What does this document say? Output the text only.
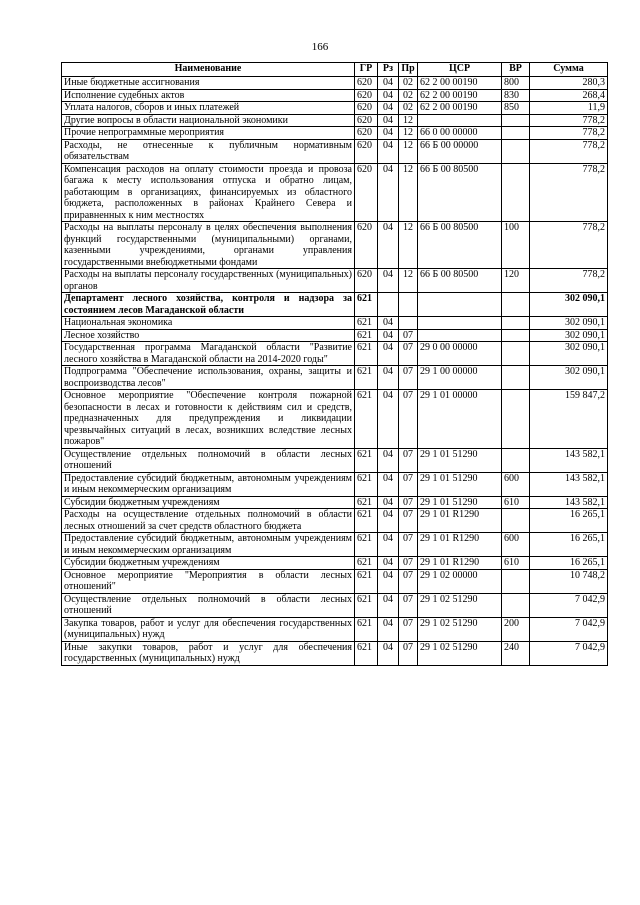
166
Наименование	ГР	Рз	Пр	ЦСР	ВР	Сумма
Иные бюджетные ассигнования	620	04	02	62 2 00 00190	800	280,3
Исполнение судебных актов	620	04	02	62 2 00 00190	830	268,4
Уплата налогов, сборов и иных платежей	620	04	02	62 2 00 00190	850	11,9
Другие вопросы в области национальной экономики	620	04	12			778,2
Прочие непрограммные мероприятия	620	04	12	66 0 00 00000		778,2
Расходы, не отнесенные к публичным нормативным обязательствам	620	04	12	66 Б 00 00000		778,2
Компенсация расходов на оплату стоимости проезда и провоза багажа к месту использования отпуска и обратно лицам, работающим в организациях, финансируемых из областного бюджета, расположенных в районах Крайнего Севера и приравненных к ним местностях	620	04	12	66 Б 00 80500		778,2
Расходы на выплаты персоналу в целях обеспечения выполнения функций государственными (муниципальными) органами, казенными учреждениями, органами управления государственными внебюджетными фондами	620	04	12	66 Б 00 80500	100	778,2
Расходы на выплаты персоналу государственных (муниципальных) органов	620	04	12	66 Б 00 80500	120	778,2
Департамент лесного хозяйства, контроля и надзора за состоянием лесов Магаданской области	621					302 090,1
Национальная экономика	621	04				302 090,1
Лесное хозяйство	621	04	07			302 090,1
Государственная программа Магаданской области "Развитие лесного хозяйства в Магаданской области на 2014-2020 годы"	621	04	07	29 0 00 00000		302 090,1
Подпрограмма "Обеспечение использования, охраны, защиты и воспроизводства лесов"	621	04	07	29 1 00 00000		302 090,1
Основное мероприятие "Обеспечение контроля пожарной безопасности в лесах и готовности к действиям сил и средств, предназначенных для предупреждения и ликвидации чрезвычайных ситуаций в лесах, возникших вследствие лесных пожаров"	621	04	07	29 1 01 00000		159 847,2
Осуществление отдельных полномочий в области лесных отношений	621	04	07	29 1 01 51290		143 582,1
Предоставление субсидий бюджетным, автономным учреждениям и иным некоммерческим организациям	621	04	07	29 1 01 51290	600	143 582,1
Субсидии бюджетным учреждениям	621	04	07	29 1 01 51290	610	143 582,1
Расходы на осуществление отдельных полномочий в области лесных отношений за счет средств областного бюджета	621	04	07	29 1 01 R1290		16 265,1
Предоставление субсидий бюджетным, автономным учреждениям и иным некоммерческим организациям	621	04	07	29 1 01 R1290	600	16 265,1
Субсидии бюджетным учреждениям	621	04	07	29 1 01 R1290	610	16 265,1
Основное мероприятие "Мероприятия в области лесных отношений"	621	04	07	29 1 02 00000		10 748,2
Осуществление отдельных полномочий в области лесных отношений	621	04	07	29 1 02 51290		7 042,9
Закупка товаров, работ и услуг для обеспечения государственных (муниципальных) нужд	621	04	07	29 1 02 51290	200	7 042,9
Иные закупки товаров, работ и услуг для обеспечения государственных (муниципальных) нужд	621	04	07	29 1 02 51290	240	7 042,9
